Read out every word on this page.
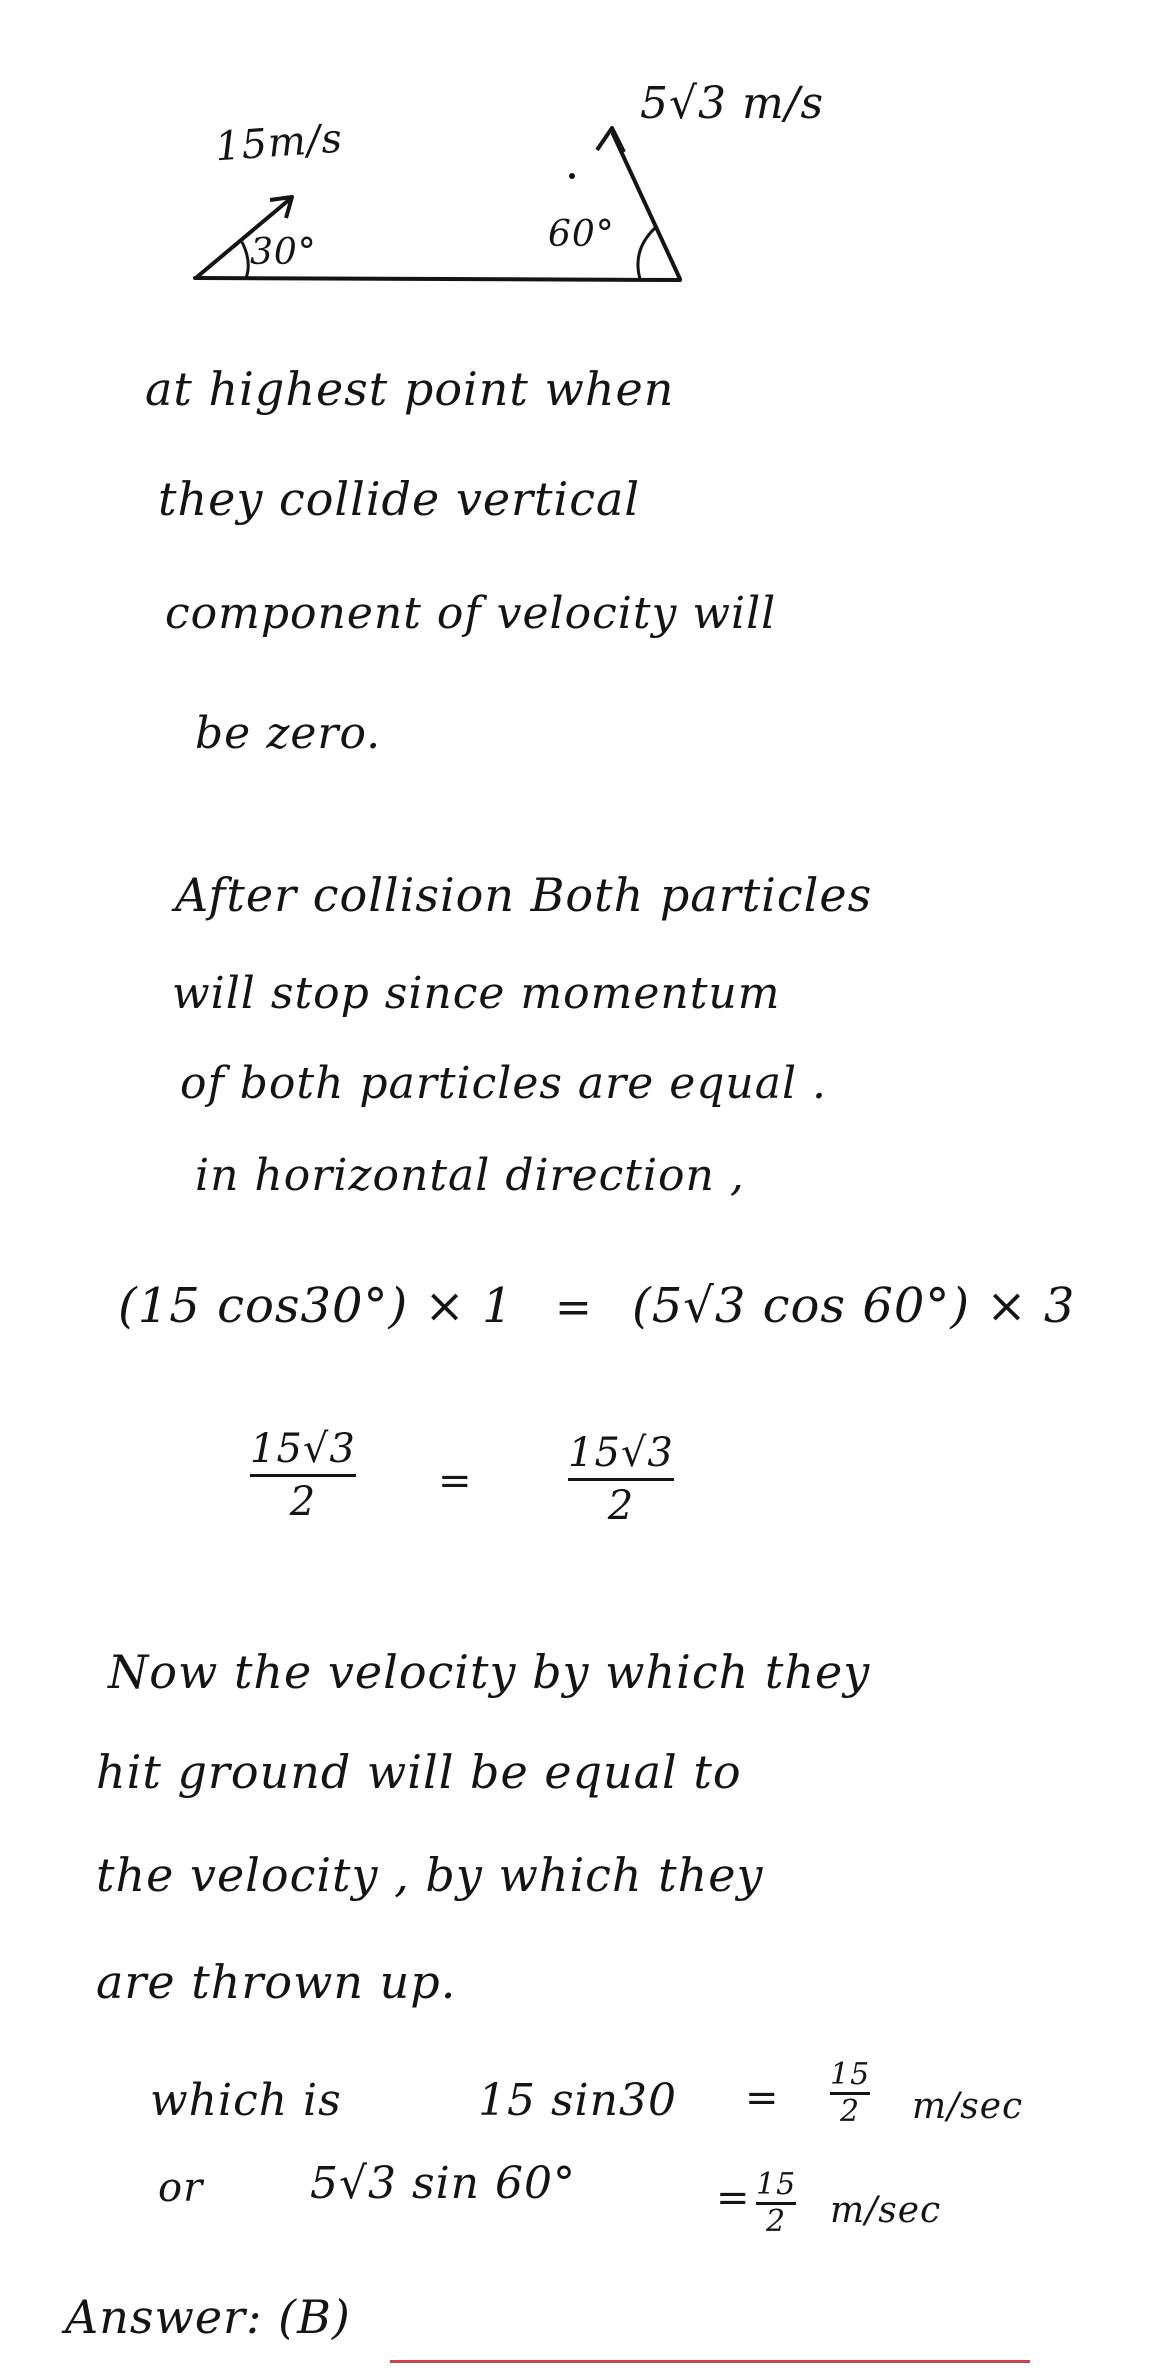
15m/s
30°
5√3 m/s
60°
at highest point when
they collide vertical
component of velocity will
be zero.
After collision Both particles
will stop since momentum
of both particles are equal .
in horizontal direction ,
(15 cos30°) × 1 = (5√3 cos 60°) × 3
15√3
2	=
15√3
2
Now the velocity by which they
hit ground will be equal to
the velocity , by which they
are thrown up.
which is	15 sin30 =
15
2 m/sec
or 5√3 sin 60°	= 15
2 m/sec
Answer: (B)
